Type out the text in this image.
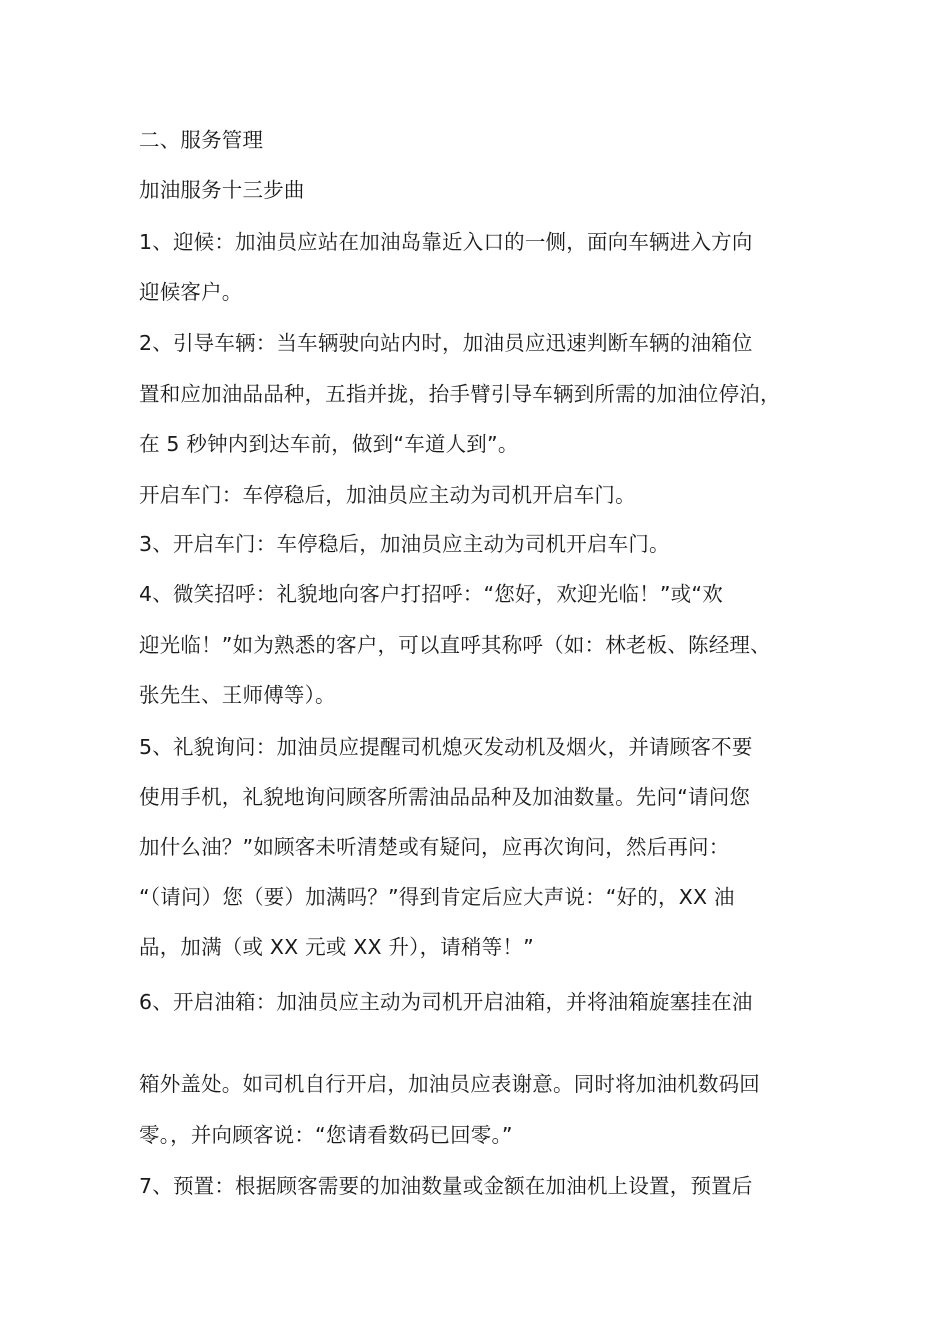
二、服务管理
加油服务十三步曲
1、迎候：加油员应站在加油岛靠近入口的一侧，面向车辆进入方向
迎候客户。
2、引导车辆：当车辆驶向站内时，加油员应迅速判断车辆的油箱位
置和应加油品品种，五指并拢，抬手臂引导车辆到所需的加油位停泊，
在 5 秒钟内到达车前，做到“车道人到”。
开启车门：车停稳后，加油员应主动为司机开启车门。
3、开启车门：车停稳后，加油员应主动为司机开启车门。
4、微笑招呼：礼貌地向客户打招呼：“您好，欢迎光临！”或“欢
迎光临！”如为熟悉的客户，可以直呼其称呼（如：林老板、陈经理、
张先生、王师傅等）。
5、礼貌询问：加油员应提醒司机熄灭发动机及烟火，并请顾客不要
使用手机，礼貌地询问顾客所需油品品种及加油数量。先问“请问您
加什么油？”如顾客未听清楚或有疑问，应再次询问，然后再问：
“（请问）您（要）加满吗？”得到肯定后应大声说：“好的，XX 油
品，加满（或 XX 元或 XX 升），请稍等！”
6、开启油箱：加油员应主动为司机开启油箱，并将油箱旋塞挂在油
箱外盖处。如司机自行开启，加油员应表谢意。同时将加油机数码回
零。，并向顾客说：“您请看数码已回零。”
7、预置：根据顾客需要的加油数量或金额在加油机上设置，预置后
